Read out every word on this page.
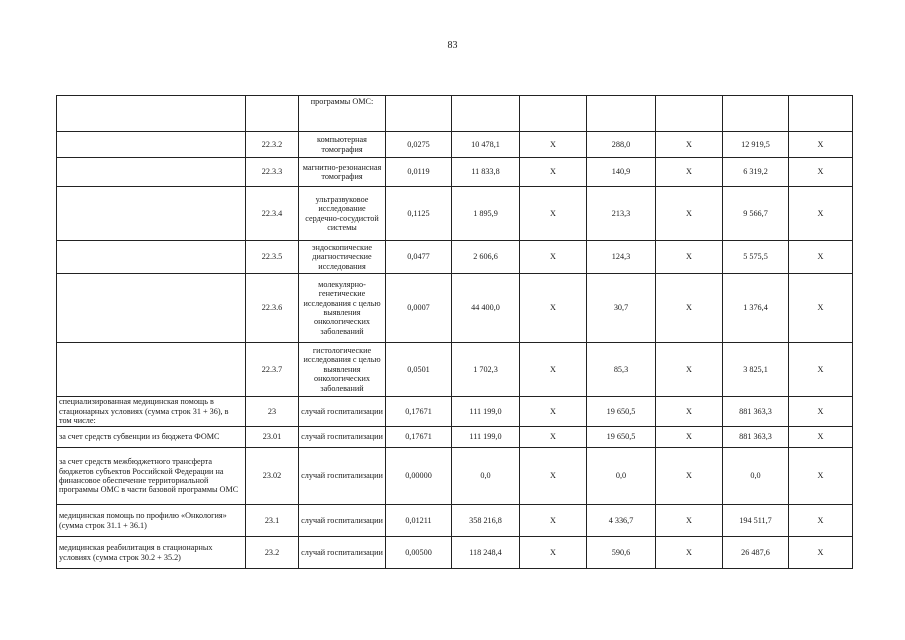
83
		программы ОМС:							
	22.3.2	компьютерная томография	0,0275	10 478,1	Х	288,0	Х	12 919,5	Х
	22.3.3	магнитно-резонансная томография	0,0119	11 833,8	Х	140,9	Х	6 319,2	Х
	22.3.4	ультразвуковое исследование сердечно-сосудистой системы	0,1125	1 895,9	Х	213,3	Х	9 566,7	Х
	22.3.5	эндоскопические диагностические исследования	0,0477	2 606,6	Х	124,3	Х	5 575,5	Х
	22.3.6	молекулярно-генетические исследования с целью выявления онкологических заболеваний	0,0007	44 400,0	Х	30,7	Х	1 376,4	Х
	22.3.7	гистологические исследования с целью выявления онкологических заболеваний	0,0501	1 702,3	Х	85,3	Х	3 825,1	Х
специализированная медицинская помощь в стационарных условиях (сумма строк 31 + 36), в том числе:	23	случай госпитализации	0,17671	111 199,0	Х	19 650,5	Х	881 363,3	Х
за счет средств субвенции из бюджета ФОМС	23.01	случай госпитализации	0,17671	111 199,0	Х	19 650,5	Х	881 363,3	Х
за счет средств межбюджетного трансферта бюджетов субъектов Российской Федерации на финансовое обеспечение территориальной программы ОМС в части базовой программы ОМС	23.02	случай госпитализации	0,00000	0,0	Х	0,0	Х	0,0	Х
медицинская помощь по профилю «Онкология» (сумма строк 31.1 + 36.1)	23.1	случай госпитализации	0,01211	358 216,8	Х	4 336,7	Х	194 511,7	Х
медицинская реабилитация в стационарных условиях (сумма строк 30.2 + 35.2)	23.2	случай госпитализации	0,00500	118 248,4	Х	590,6	Х	26 487,6	Х
